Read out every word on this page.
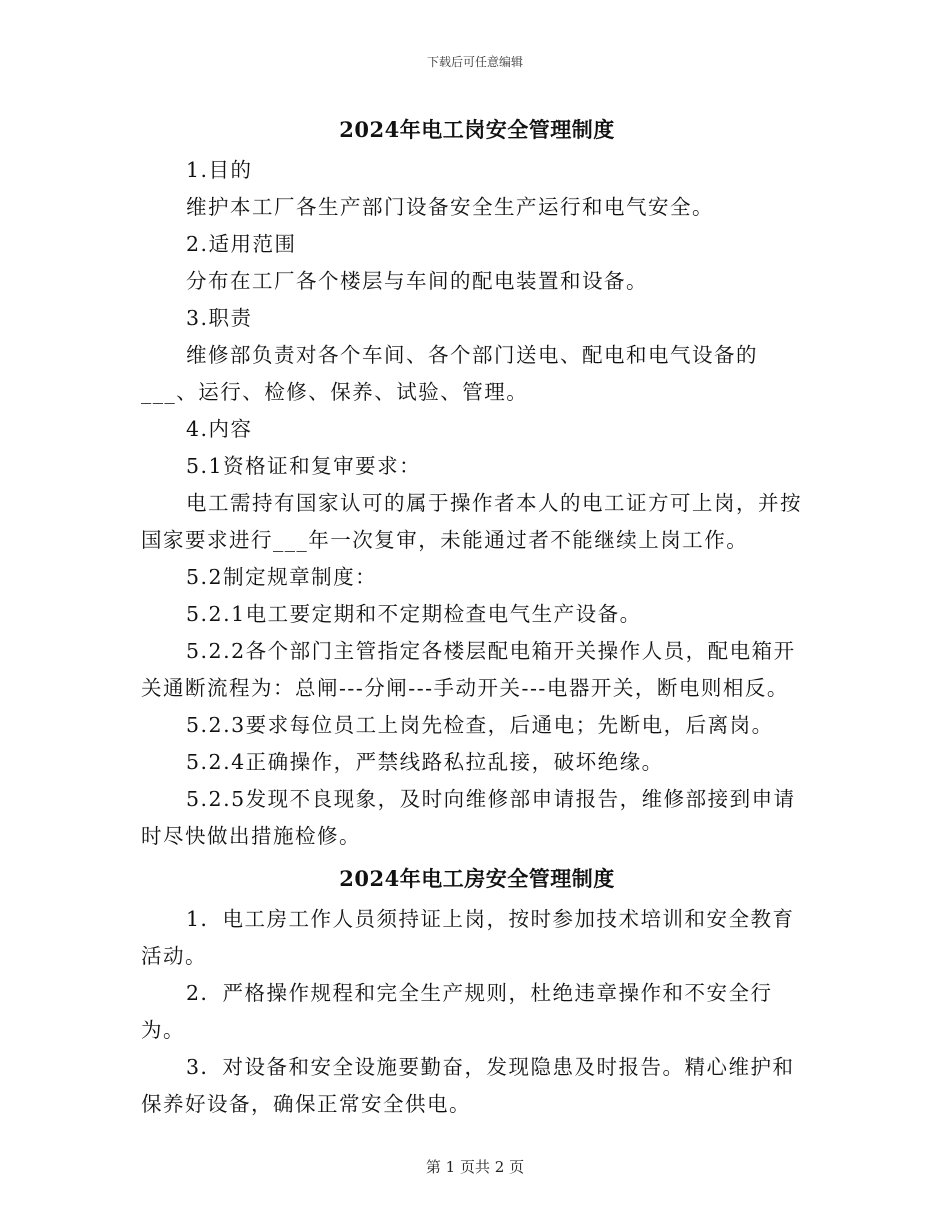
下载后可任意编辑
2024年电工岗安全管理制度

1.目的

维护本工厂各生产部门设备安全生产运行和电气安全。

2.适用范围

分布在工厂各个楼层与车间的配电装置和设备。

3.职责

维修部负责对各个车间、各个部门送电、配电和电气设备的___、运行、检修、保养、试验、管理。

4.内容

5.1资格证和复审要求：

电工需持有国家认可的属于操作者本人的电工证方可上岗，并按国家要求进行___年一次复审，未能通过者不能继续上岗工作。

5.2制定规章制度：

5.2.1电工要定期和不定期检查电气生产设备。

5.2.2各个部门主管指定各楼层配电箱开关操作人员，配电箱开关通断流程为：总闸---分闸---手动开关---电器开关，断电则相反。

5.2.3要求每位员工上岗先检查，后通电；先断电，后离岗。

5.2.4正确操作，严禁线路私拉乱接，破坏绝缘。

5.2.5发现不良现象，及时向维修部申请报告，维修部接到申请时尽快做出措施检修。

2024年电工房安全管理制度

1．电工房工作人员须持证上岗，按时参加技术培训和安全教育活动。

2．严格操作规程和完全生产规则，杜绝违章操作和不安全行为。

3．对设备和安全设施要勤奋，发现隐患及时报告。精心维护和保养好设备，确保正常安全供电。

第 1 页共 2 页
